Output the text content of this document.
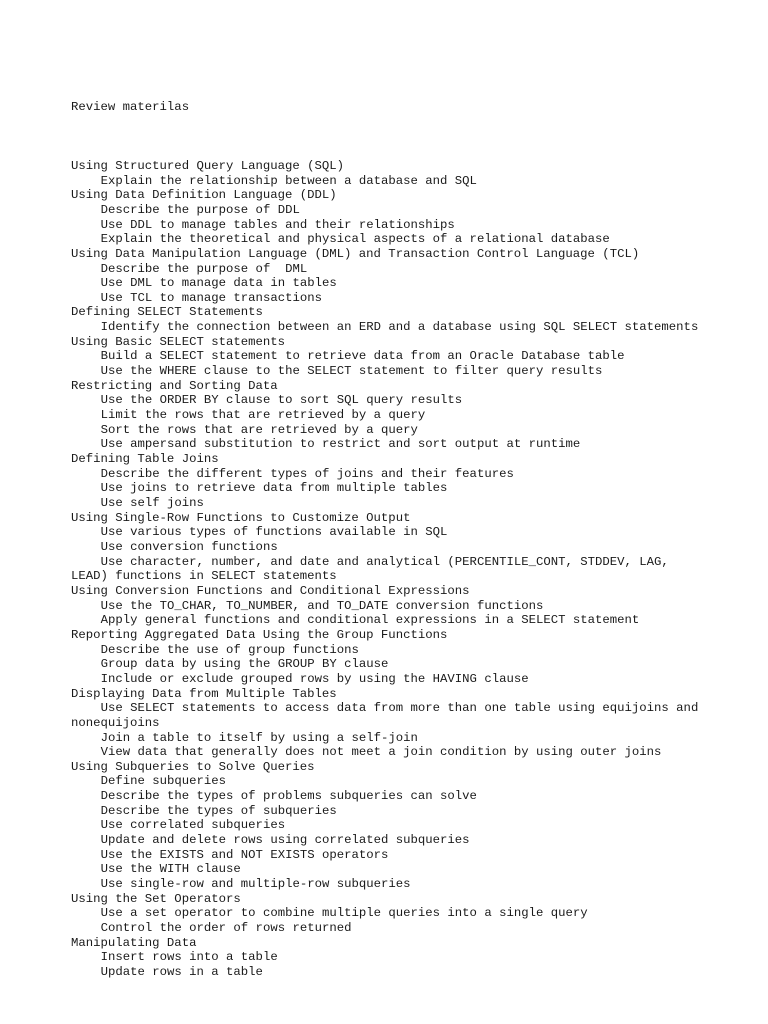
Review materilas

Using Structured Query Language (SQL)
Explain the relationship between a database and SQL
Using Data Definition Language (DDL)
Describe the purpose of DDL
Use DDL to manage tables and their relationships
Explain the theoretical and physical aspects of a relational database
Using Data Manipulation Language (DML) and Transaction Control Language (TCL)
Describe the purpose of  DML
Use DML to manage data in tables
Use TCL to manage transactions
Defining SELECT Statements
Identify the connection between an ERD and a database using SQL SELECT statements
Using Basic SELECT statements
Build a SELECT statement to retrieve data from an Oracle Database table
Use the WHERE clause to the SELECT statement to filter query results
Restricting and Sorting Data
Use the ORDER BY clause to sort SQL query results
Limit the rows that are retrieved by a query
Sort the rows that are retrieved by a query
Use ampersand substitution to restrict and sort output at runtime
Defining Table Joins
Describe the different types of joins and their features
Use joins to retrieve data from multiple tables
Use self joins
Using Single-Row Functions to Customize Output
Use various types of functions available in SQL
Use conversion functions
Use character, number, and date and analytical (PERCENTILE_CONT, STDDEV, LAG, LEAD) functions in SELECT statements
Using Conversion Functions and Conditional Expressions
Use the TO_CHAR, TO_NUMBER, and TO_DATE conversion functions
Apply general functions and conditional expressions in a SELECT statement
Reporting Aggregated Data Using the Group Functions
Describe the use of group functions
Group data by using the GROUP BY clause
Include or exclude grouped rows by using the HAVING clause
Displaying Data from Multiple Tables
Use SELECT statements to access data from more than one table using equijoins and nonequijoins
Join a table to itself by using a self-join
View data that generally does not meet a join condition by using outer joins
Using Subqueries to Solve Queries
Define subqueries
Describe the types of problems subqueries can solve
Describe the types of subqueries
Use correlated subqueries
Update and delete rows using correlated subqueries
Use the EXISTS and NOT EXISTS operators
Use the WITH clause
Use single-row and multiple-row subqueries
Using the Set Operators
Use a set operator to combine multiple queries into a single query
Control the order of rows returned
Manipulating Data
Insert rows into a table
Update rows in a table
